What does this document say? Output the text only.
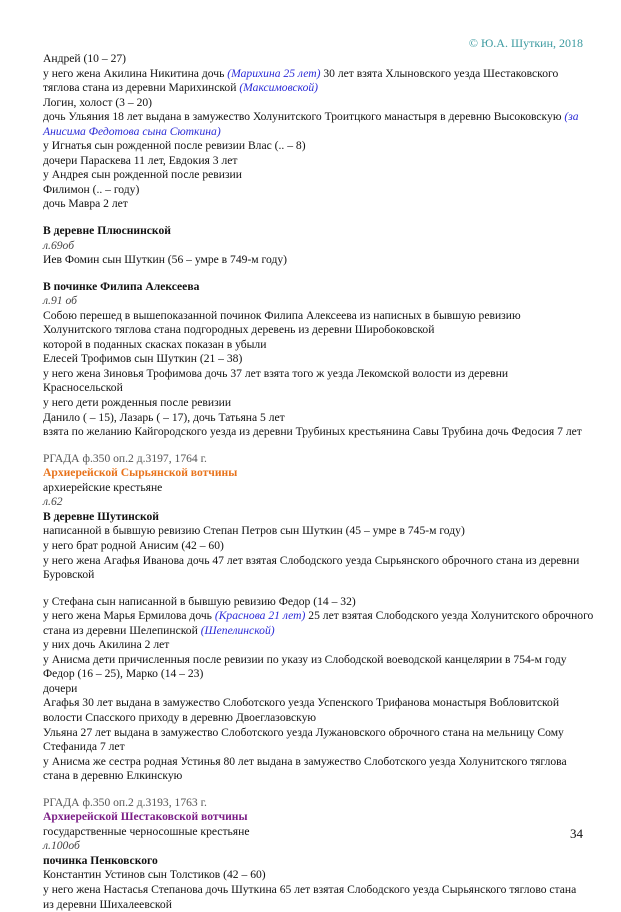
© Ю.А. Шуткин, 2018
Андрей (10 – 27)
у него жена Акилина Никитина дочь (Марихина 25 лет) 30 лет взята Хлыновского уезда Шестаковского
тяглова стана из деревни Марихинской (Максимовской)
Логин, холост (3 – 20)
дочь Ульяния 18 лет выдана в замужество Холунитского Троитцкого манастыря в деревню Высоковскую (за
Анисима Федотова сына Сюткина)
у Игнатья сын рожденной после ревизии Влас (.. – 8)
дочери Параскева 11 лет, Евдокия 3 лет
у Андрея сын рожденной после ревизии
Филимон (.. – году)
дочь Мавра 2 лет
В деревне Плюснинской
л.69об
Иев Фомин сын Шуткин (56 – умре в 749-м году)
В починке Филипа Алексеева
л.91 об
Собою перешед в вышепоказанной починок Филипа Алексеева из написных в бывшую ревизию
Холунитского тяглова стана подгородных деревень из деревни Широбоковской
которой в поданных скасках показан в убыли
Елесей Трофимов сын Шуткин (21 – 38)
у него жена Зиновья Трофимова дочь 37 лет взята того ж уезда Лекомской волости из деревни
Красносельской
у него дети рожденныя после ревизии
Данило ( – 15), Лазарь ( – 17), дочь Татьяна 5 лет
взята по желанию Кайгородского уезда из деревни Трубиных крестьянина Савы Трубина дочь Федосия 7 лет
РГАДА ф.350 оп.2 д.3197, 1764 г.
Архиерейской Сырьянской вотчины
архиерейские крестьяне
л.62
В деревне Шутинской
написанной в бывшую ревизию Степан Петров сын Шуткин (45 – умре в 745-м году)
у него брат родной Анисим (42 – 60)
у него жена Агафья Иванова дочь 47 лет взятая Слободского уезда Сырьянского оброчного стана из деревни
Буровской
у Стефана сын написанной в бывшую ревизию Федор (14 – 32)
у него жена Марья Ермилова дочь (Краснова 21 лет) 25 лет взятая Слободского уезда Холунитского оброчного
стана из деревни Шелепинской (Шепелинской)
у них дочь Акилина 2 лет
у Анисма дети причисленныя после ревизии по указу из Слободской воеводской канцелярии в 754-м году
Федор (16 – 25), Марко (14 – 23)
дочери
Агафья 30 лет выдана в замужество Слоботского уезда Успенского Трифанова монастыря Вобловитской
волости Спасского приходу в деревню Двоеглазовскую
Ульяна 27 лет выдана в замужество Слоботского уезда Лужановского оброчного стана на мельницу Сому
Стефанида 7 лет
у Анисма же сестра родная Устинья 80 лет выдана в замужество Слоботского уезда Холунитского тяглова
стана в деревню Елкинскую
РГАДА ф.350 оп.2 д.3193, 1763 г.
Архиерейской Шестаковской вотчины
государственные черносошные крестьяне
л.100об
починка Пенковского
Константин Устинов сын Толстиков (42 – 60)
у него жена Настасья Степанова дочь Шуткина 65 лет взятая Слободского уезда Сырьянского тяглово стана
из деревни Шихалеевской
34
